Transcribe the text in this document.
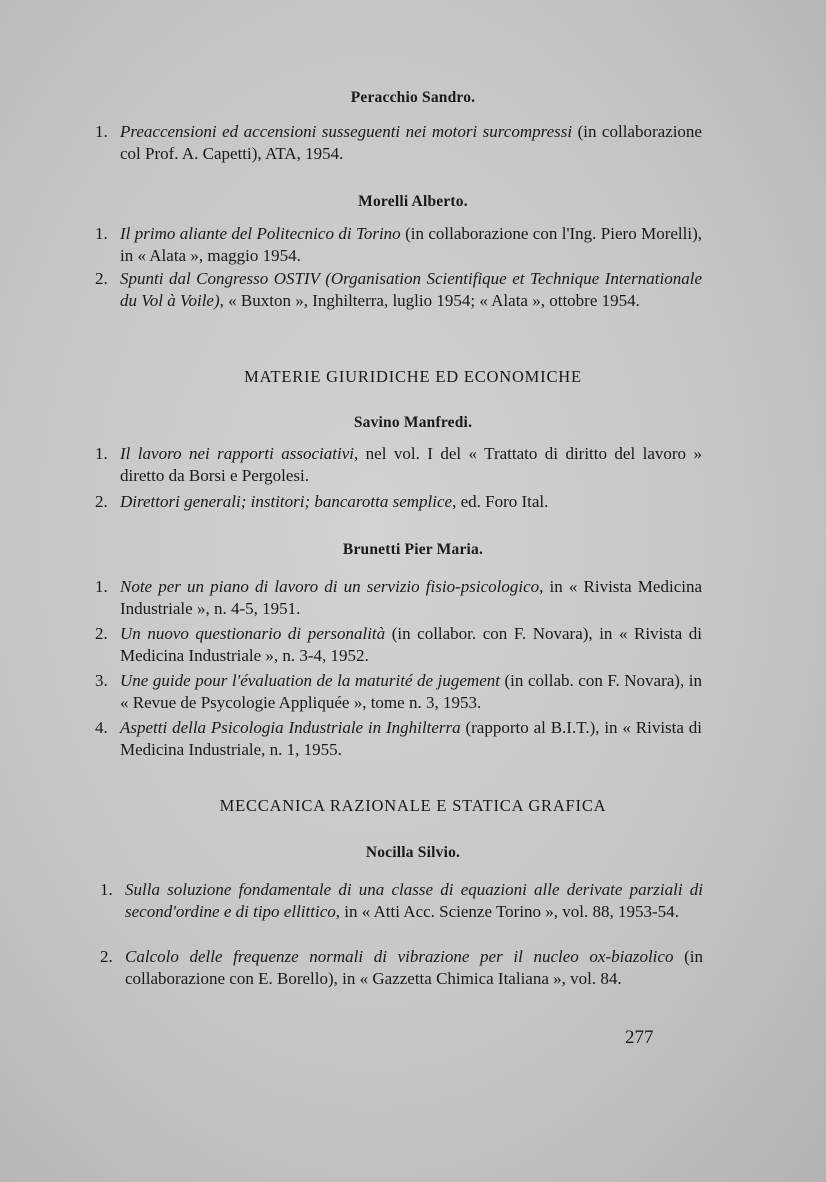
Peracchio Sandro.
1. Preaccensioni ed accensioni susseguenti nei motori surcompressi (in collaborazione col Prof. A. Capetti), ATA, 1954.
Morelli Alberto.
1. Il primo aliante del Politecnico di Torino (in collaborazione con l'Ing. Piero Morelli), in « Alata », maggio 1954.
2. Spunti dal Congresso OSTIV (Organisation Scientifique et Technique Internationale du Vol à Voile), « Buxton », Inghilterra, luglio 1954; « Alata », ottobre 1954.
MATERIE GIURIDICHE ED ECONOMICHE
Savino Manfredi.
1. Il lavoro nei rapporti associativi, nel vol. I del « Trattato di diritto del lavoro » diretto da Borsi e Pergolesi.
2. Direttori generali; institori; bancarotta semplice, ed. Foro Ital.
Brunetti Pier Maria.
1. Note per un piano di lavoro di un servizio fisio-psicologico, in « Rivista Medicina Industriale », n. 4-5, 1951.
2. Un nuovo questionario di personalità (in collabor. con F. Novara), in « Rivista di Medicina Industriale », n. 3-4, 1952.
3. Une guide pour l'évaluation de la maturité de jugement (in collab. con F. Novara), in « Revue de Psycologie Appliquée », tome n. 3, 1953.
4. Aspetti della Psicologia Industriale in Inghilterra (rapporto al B.I.T.), in « Rivista di Medicina Industriale, n. 1, 1955.
MECCANICA RAZIONALE E STATICA GRAFICA
Nocilla Silvio.
1. Sulla soluzione fondamentale di una classe di equazioni alle derivate parziali di second'ordine e di tipo ellittico, in « Atti Acc. Scienze Torino », vol. 88, 1953-54.
2. Calcolo delle frequenze normali di vibrazione per il nucleo ox-biazolico (in collaborazione con E. Borello), in « Gazzetta Chimica Italiana », vol. 84.
277
